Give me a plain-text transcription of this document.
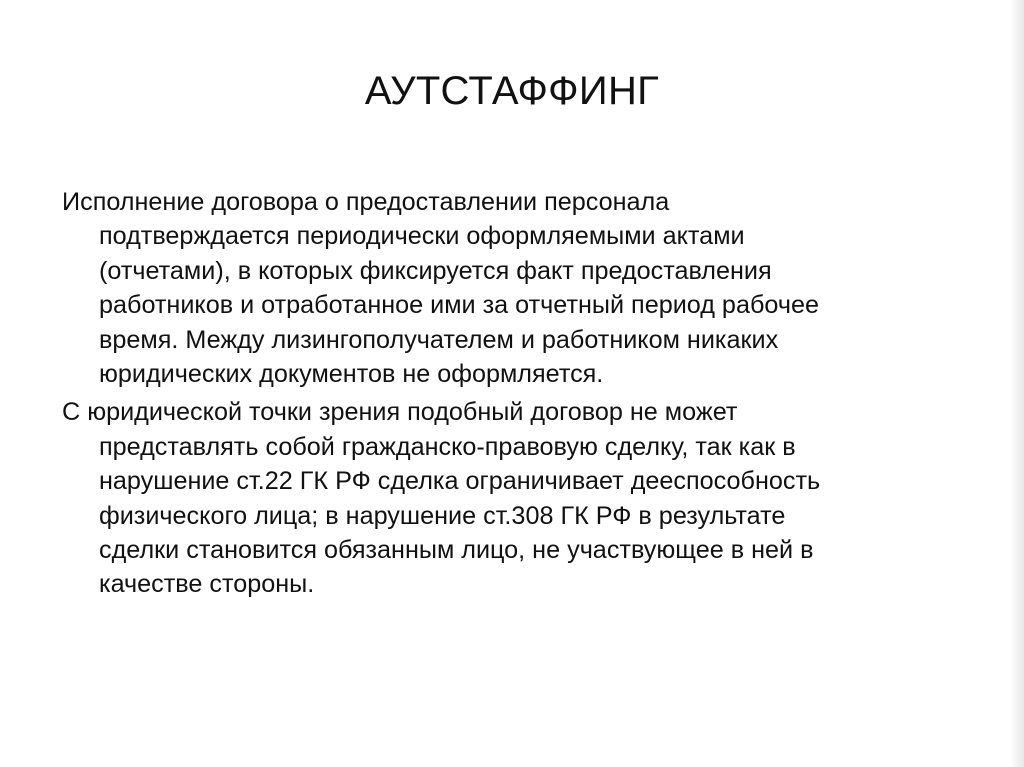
АУТСТАФФИНГ

Исполнение договора о предоставлении персонала
подтверждается периодически оформляемыми актами
(отчетами), в которых фиксируется факт предоставления
работников и отработанное ими за отчетный период рабочее
время. Между лизингополучателем и работником никаких
юридических документов не оформляется.

С юридической точки зрения подобный договор не может
представлять собой гражданско-правовую сделку, так как в
нарушение ст.22 ГК РФ сделка ограничивает дееспособность
физического лица; в нарушение ст.308 ГК РФ в результате
сделки становится обязанным лицо, не участвующее в ней в
качестве стороны.
